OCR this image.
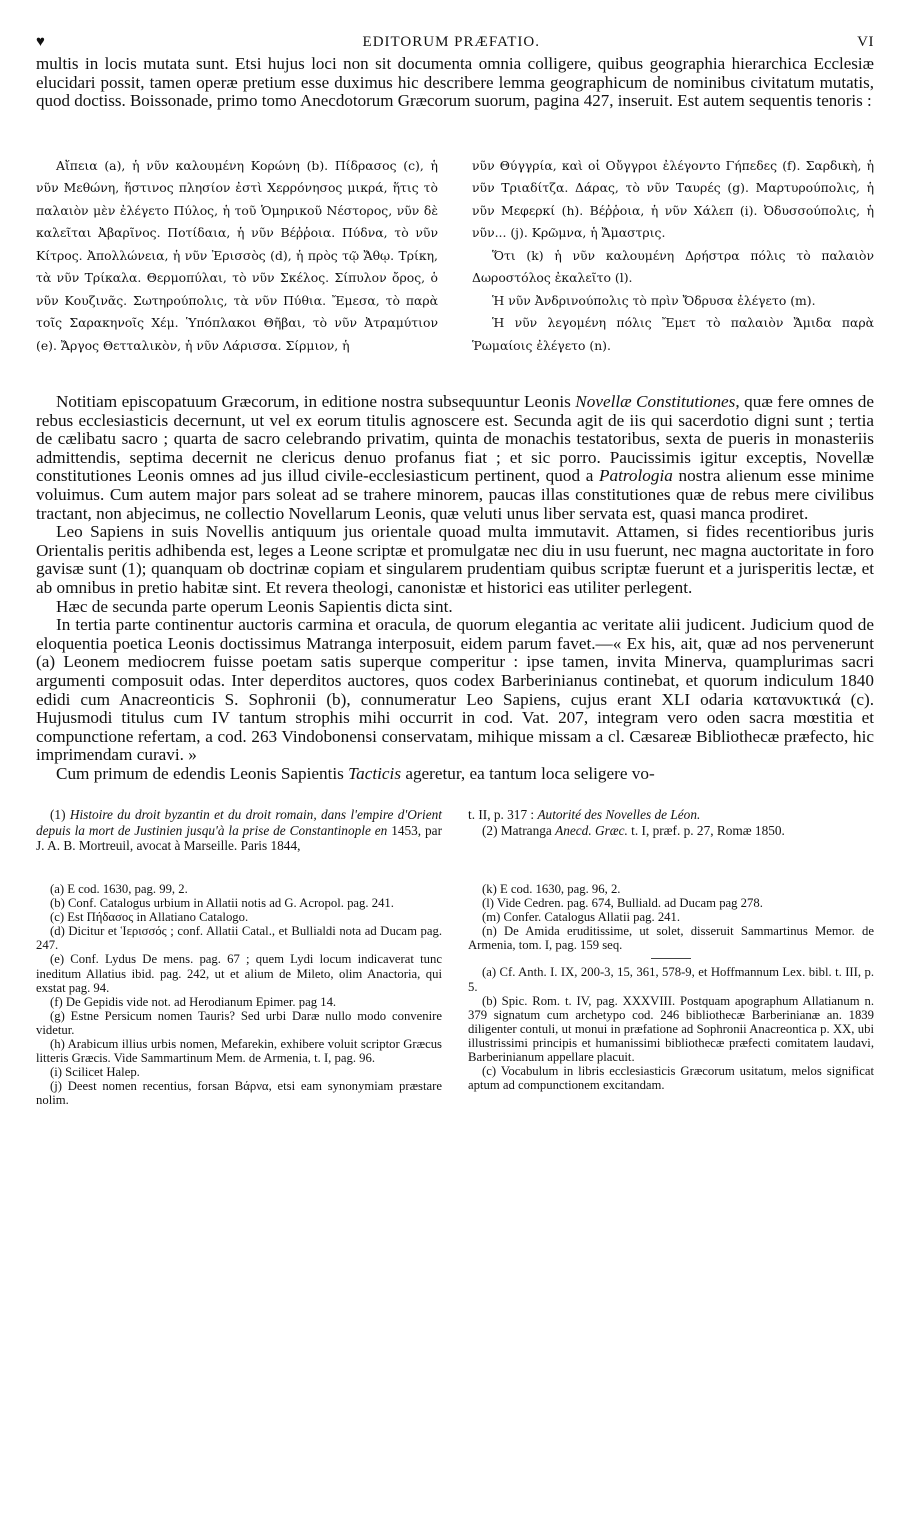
♥	EDITORUM PRÆFATIO.	VI

multis in locis mutata sunt. Etsi hujus loci non sit documenta omnia colligere, quibus geographia hierarchica Ecclesiæ elucidari possit, tamen operæ pretium esse duximus hic describere lemma geographicum de nominibus civitatum mutatis, quod doctiss. Boissonade, primo tomo Anecdotorum Græcorum suorum, pagina 427, inseruit. Est autem sequentis tenoris :

Αἴπεια (a), ἡ νῦν καλουμένη Κορώνη (b). Πίδρασος (c), ἡ νῦν Μεθώνη, ἥστινος πλησίον ἐστὶ Χερρόνησος μικρά, ἥτις τὸ παλαιὸν μὲν ἐλέγετο Πύλος, ἡ τοῦ Ὁμηρικοῦ Νέστορος, νῦν δὲ καλεῖται Ἀβαρῖνος. Ποτίδαια, ἡ νῦν Βέῤῥοια. Πύδνα, τὸ νῦν Κίτρος. Ἀπολλώνεια, ἡ νῦν Ἐρισσὸς (d), ἡ πρὸς τῷ Ἄθῳ. Τρίκη, τὰ νῦν Τρίκαλα. Θερμοπύλαι, τὸ νῦν Σκέλος. Σίπυλον ὄρος, ὁ νῦν Κουζινᾶς. Σωτηρούπολις, τὰ νῦν Πύθια. Ἔμεσα, τὸ παρὰ τοῖς Σαρακηνοῖς Χέμ. Ὑπόπλακοι Θῆβαι, τὸ νῦν Ἀτραμύτιον (e). Ἄργος Θετταλικὸν, ἡ νῦν Λάρισσα. Σίρμιον, ἡ

νῦν Θύγγρία, καὶ οἱ Οὔγγροι ἐλέγοντο Γήπεδες (f). Σαρδικὴ, ἡ νῦν Τριαδίτζα. Δάρας, τὸ νῦν Ταυρές (g). Μαρτυρούπολις, ἡ νῦν Μεφερκί (h). Βέῤῥοια, ἡ νῦν Χάλεπ (i). Ὀδυσσούπολις, ἡ νῦν... (j). Κρῶμνα, ἡ Ἄμαστρις.

Ὅτι (k) ἡ νῦν καλουμένη Δρήστρα πόλις τὸ παλαιὸν Δωροστόλος ἐκαλεῖτο (l).

Ἡ νῦν Ἀνδρινούπολις τὸ πρὶν Ὄδρυσα ἐλέγετο (m).

Ἡ νῦν λεγομένη πόλις Ἔμετ τὸ παλαιὸν Ἄμιδα παρὰ Ῥωμαίοις ἐλέγετο (n).

Notitiam episcopatuum Græcorum, in editione nostra subsequuntur Leonis Novellæ Constitutiones, quæ fere omnes de rebus ecclesiasticis decernunt, ut vel ex eorum titulis agnoscere est. Secunda agit de iis qui sacerdotio digni sunt ; tertia de cælibatu sacro ; quarta de sacro celebrando privatim, quinta de monachis testatoribus, sexta de pueris in monasteriis admittendis, septima decernit ne clericus denuo profanus fiat ; et sic porro. Paucissimis igitur exceptis, Novellæ constitutiones Leonis omnes ad jus illud civile-ecclesiasticum pertinent, quod a Patrologia nostra alienum esse minime voluimus. Cum autem major pars soleat ad se trahere minorem, paucas illas constitutiones quæ de rebus mere civilibus tractant, non abjecimus, ne collectio Novellarum Leonis, quæ veluti unus liber servata est, quasi manca prodiret.

Leo Sapiens in suis Novellis antiquum jus orientale quoad multa immutavit. Attamen, si fides recentioribus juris Orientalis peritis adhibenda est, leges a Leone scriptæ et promulgatæ nec diu in usu fuerunt, nec magna auctoritate in foro gavisæ sunt (1); quanquam ob doctrinæ copiam et singularem prudentiam quibus scriptæ fuerunt et a jurisperitis lectæ, et ab omnibus in pretio habitæ sint. Et revera theologi, canonistæ et historici eas utiliter perlegent.

Hæc de secunda parte operum Leonis Sapientis dicta sint.

In tertia parte continentur auctoris carmina et oracula, de quorum elegantia ac veritate alii judicent. Judicium quod de eloquentia poetica Leonis doctissimus Matranga interposuit, eidem parum favet.—« Ex his, ait, quæ ad nos pervenerunt (a) Leonem mediocrem fuisse poetam satis superque comperitur : ipse tamen, invita Minerva, quamplurimas sacri argumenti composuit odas. Inter deperditos auctores, quos codex Barberinianus continebat, et quorum indiculum 1840 edidi cum Anacreonticis S. Sophronii (b), connumeratur Leo Sapiens, cujus erant XLI odaria κατανυκτικά (c). Hujusmodi titulus cum IV tantum strophis mihi occurrit in cod. Vat. 207, integram vero oden sacra mœstitia et compunctione refertam, a cod. 263 Vindobonensi conservatam, mihique missam a cl. Cæsareæ Bibliothecæ præfecto, hic imprimendam curavi. »

Cum primum de edendis Leonis Sapientis Tacticis ageretur, ea tantum loca seligere vo-

(1) Histoire du droit byzantin et du droit romain, dans l'empire d'Orient depuis la mort de Justinien jusqu'à la prise de Constantinople en 1453, par J. A. B. Mortreuil, avocat à Marseille. Paris 1844,

t. II, p. 317 : Autorité des Novelles de Léon.

(2) Matranga Anecd. Græc. t. I, præf. p. 27, Romæ 1850.

(a) E cod. 1630, pag. 99, 2.

(b) Conf. Catalogus urbium in Allatii notis ad G. Acropol. pag. 241.

(c) Est Πήδασος in Allatiano Catalogo.

(d) Dicitur et Ἱερισσός ; conf. Allatii Catal., et Bullialdi nota ad Ducam pag. 247.

(e) Conf. Lydus De mens. pag. 67 ; quem Lydi locum indicaverat tunc ineditum Allatius ibid. pag. 242, ut et alium de Mileto, olim Anactoria, qui exstat pag. 94.

(f) De Gepidis vide not. ad Herodianum Epimer. pag 14.

(g) Estne Persicum nomen Tauris? Sed urbi Daræ nullo modo convenire videtur.

(h) Arabicum illius urbis nomen, Mefarekin, exhibere voluit scriptor Græcus litteris Græcis. Vide Sammartinum Mem. de Armenia, t. I, pag. 96.

(i) Scilicet Halep.

(j) Deest nomen recentius, forsan Βάρνα, etsi eam synonymiam præstare nolim.

(k) E cod. 1630, pag. 96, 2.

(l) Vide Cedren. pag. 674, Bulliald. ad Ducam pag 278.

(m) Confer. Catalogus Allatii pag. 241.

(n) De Amida eruditissime, ut solet, disseruit Sammartinus Memor. de Armenia, tom. I, pag. 159 seq.

(a) Cf. Anth. I. IX, 200-3, 15, 361, 578-9, et Hoffmannum Lex. bibl. t. III, p. 5.

(b) Spic. Rom. t. IV, pag. XXXVIII. Postquam apographum Allatianum n. 379 signatum cum archetypo cod. 246 bibliothecæ Barberinianæ an. 1839 diligenter contuli, ut monui in præfatione ad Sophronii Anacreontica p. XX, ubi illustrissimi principis et humanissimi bibliothecæ præfecti comitatem laudavi, Barberinianum appellare placuit.

(c) Vocabulum in libris ecclesiasticis Græcorum usitatum, melos significat aptum ad compunctionem excitandam.
